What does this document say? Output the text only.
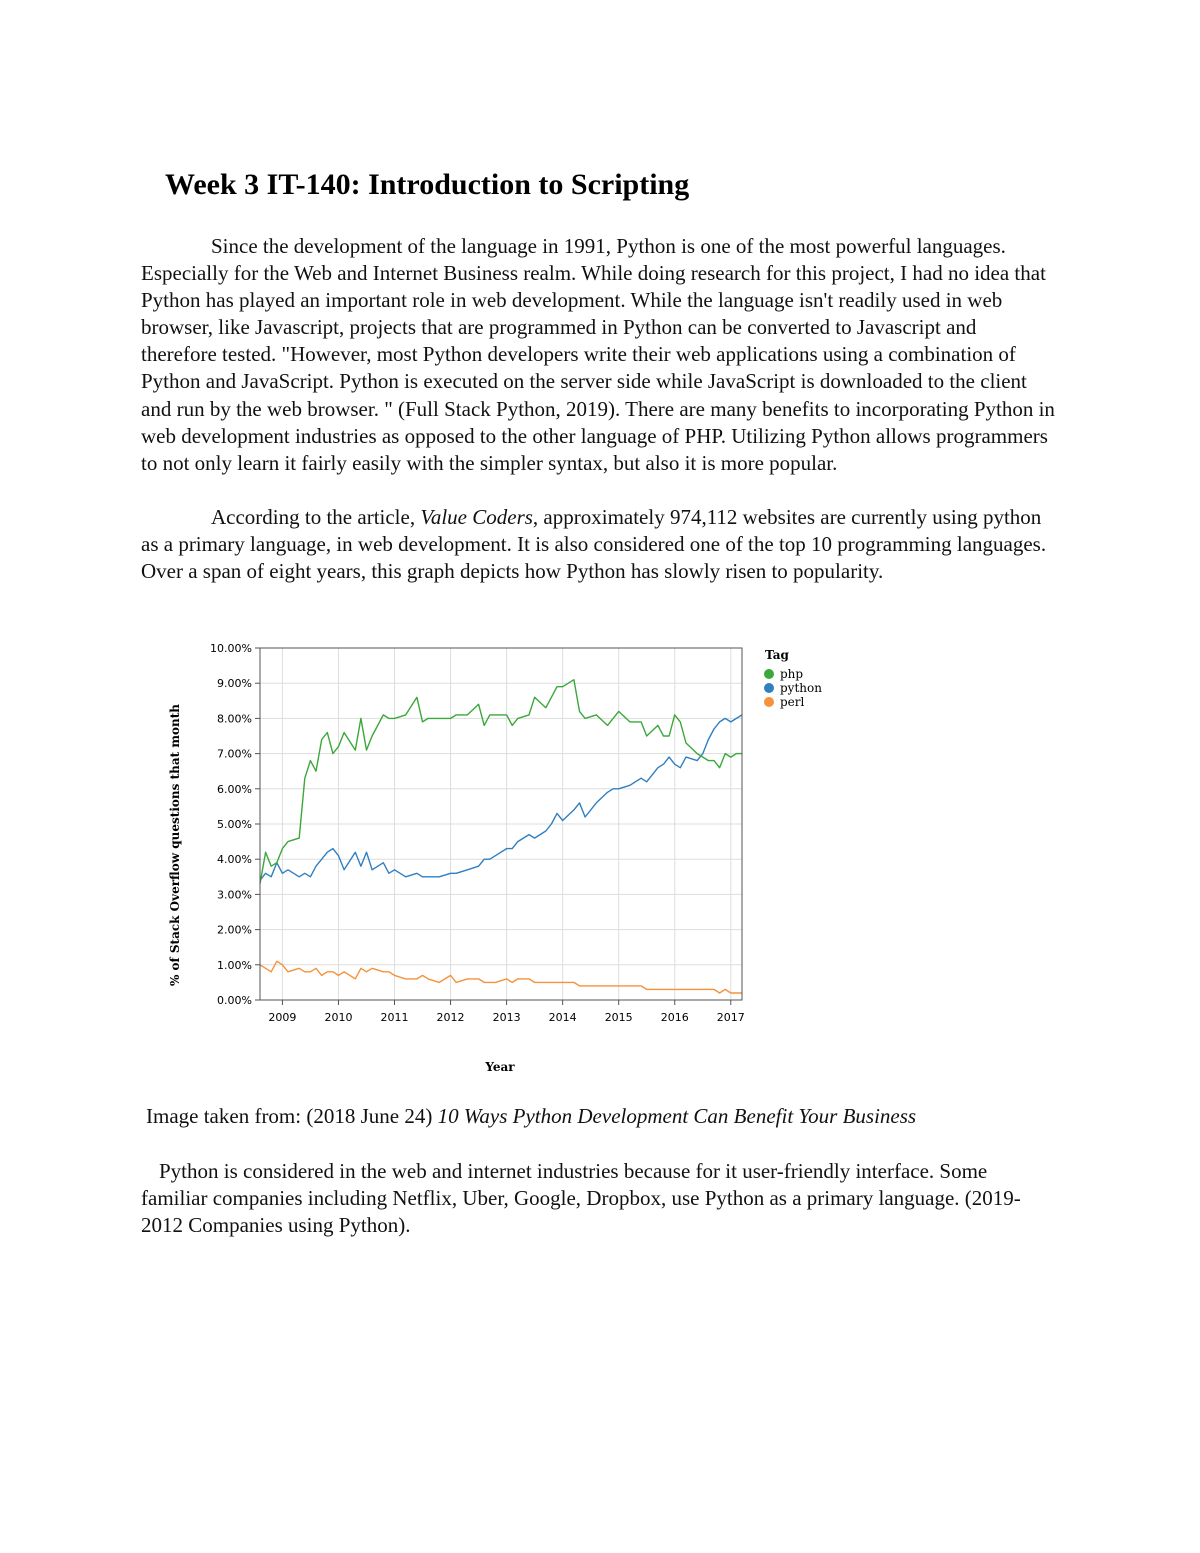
Week 3 IT-140: Introduction to Scripting

Since the development of the language in 1991, Python is one of the most powerful languages. Especially for the Web and Internet Business realm. While doing research for this project, I had no idea that Python has played an important role in web development. While the language isn't readily used in web browser, like Javascript, projects that are programmed in Python can be converted to Javascript and therefore tested. "However, most Python developers write their web applications using a combination of Python and JavaScript. Python is executed on the server side while JavaScript is downloaded to the client and run by the web browser. " (Full Stack Python, 2019). There are many benefits to incorporating Python in web development industries as opposed to the other language of PHP. Utilizing Python allows programmers to not only learn it fairly easily with the simpler syntax, but also it is more popular.

According to the article, Value Coders, approximately 974,112 websites are currently using python as a primary language, in web development. It is also considered one of the top 10 programming languages. Over a span of eight years, this graph depicts how Python has slowly risen to popularity.

0.00%
1.00%
2.00%
3.00%
4.00%
5.00%
6.00%
7.00%
8.00%
9.00%
10.00%
2009	2010	2011	2012	2013	2014	2015	2016	2017
php
python
perl
Year
% of Stack Overflow questions that month
Tag

Image taken from: (2018 June 24) 10 Ways Python Development Can Benefit Your Business

Python is considered in the web and internet industries because for it user-friendly interface. Some familiar companies including Netflix, Uber, Google, Dropbox, use Python as a primary language. (2019-2012 Companies using Python).
